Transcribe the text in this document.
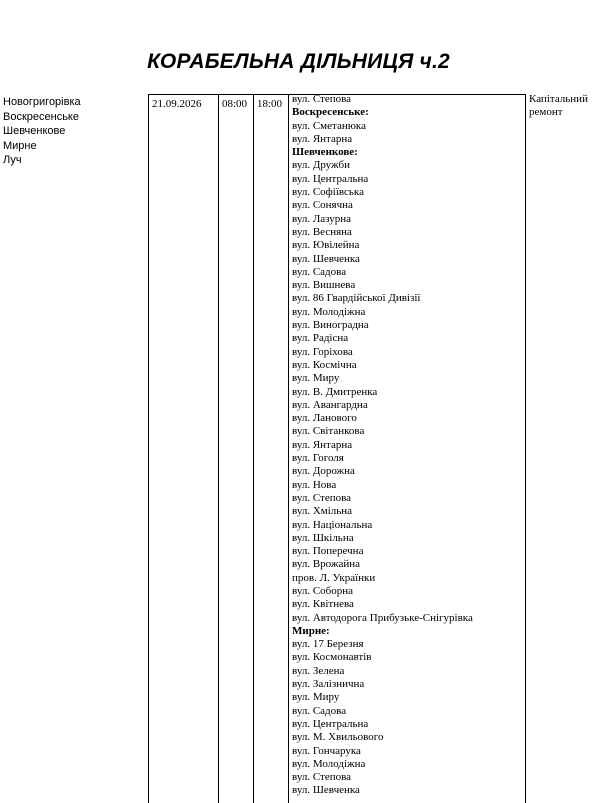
КОРАБЕЛЬНА ДІЛЬНИЦЯ ч.2
Новогригорівка
Воскресенське
Шевченкове
Мирне
Луч
21.09.2026 08:00 18:00 вул. Степова
Воскресенське:
вул. Сметанюка
вул. Янтарна
Шевченкове:
вул. Дружби
вул. Центральна
вул. Софіївська
вул. Сонячна
вул. Лазурна
вул. Весняна
вул. Ювілейна
вул. Шевченка
вул. Садова
вул. Вишнева
вул. 86 Гвардійської Дивізії
вул. Молодіжна
вул. Виноградна
вул. Радісна
вул. Горіхова
вул. Космічна
вул. Миру
вул. В. Дмитренка
вул. Авангардна
вул. Ланового
вул. Світанкова
вул. Янтарна
вул. Гоголя
вул. Дорожна
вул. Нова
вул. Степова
вул. Хмільна
вул. Національна
вул. Шкільна
вул. Поперечна
вул. Врожайна
пров. Л. Українки
вул. Соборна
вул. Квітнева
вул. Автодорога Прибузьке-Снігурівка
Мирне:
вул. 17 Березня
вул. Космонавтів
вул. Зелена
вул. Залізнична
вул. Миру
вул. Садова
вул. Центральна
вул. М. Хвильового
вул. Гончарука
вул. Молодіжна
вул. Степова
вул. Шевченка
Капітальний
ремонт
